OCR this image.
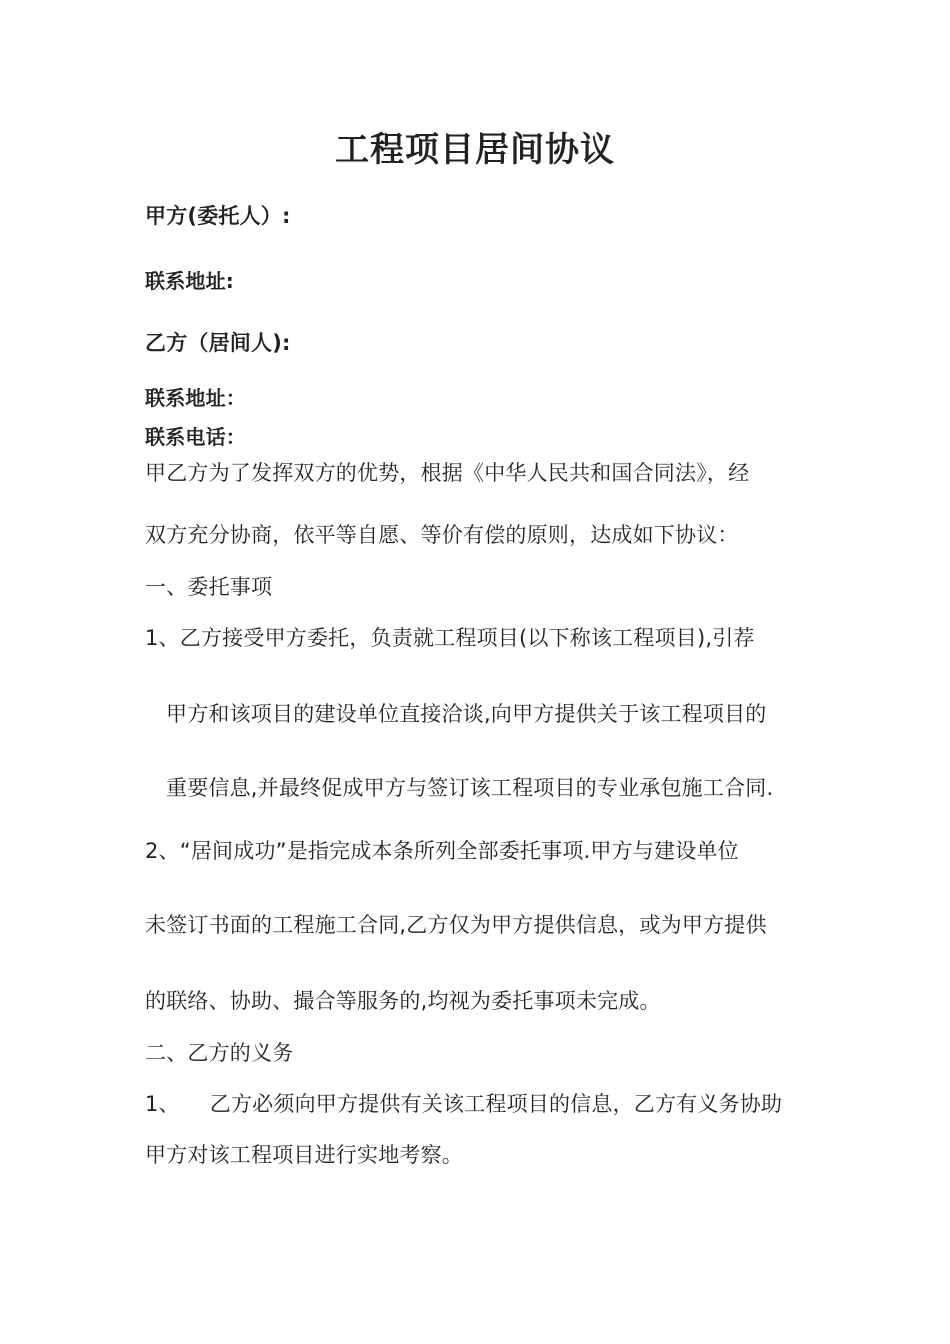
工程项目居间协议
甲方(委托人）:
联系地址:
乙方（居间人):
联系地址：
联系电话：
甲乙方为了发挥双方的优势，根据《中华人民共和国合同法》，经
双方充分协商，依平等自愿、等价有偿的原则，达成如下协议：
一、委托事项
1、乙方接受甲方委托，负责就工程项目(以下称该工程项目),引荐
甲方和该项目的建设单位直接洽谈,向甲方提供关于该工程项目的
重要信息,并最终促成甲方与签订该工程项目的专业承包施工合同.
2、“居间成功”是指完成本条所列全部委托事项.甲方与建设单位
未签订书面的工程施工合同,乙方仅为甲方提供信息，或为甲方提供
的联络、协助、撮合等服务的,均视为委托事项未完成。
二、乙方的义务
1、 乙方必须向甲方提供有关该工程项目的信息，乙方有义务协助
甲方对该工程项目进行实地考察。
